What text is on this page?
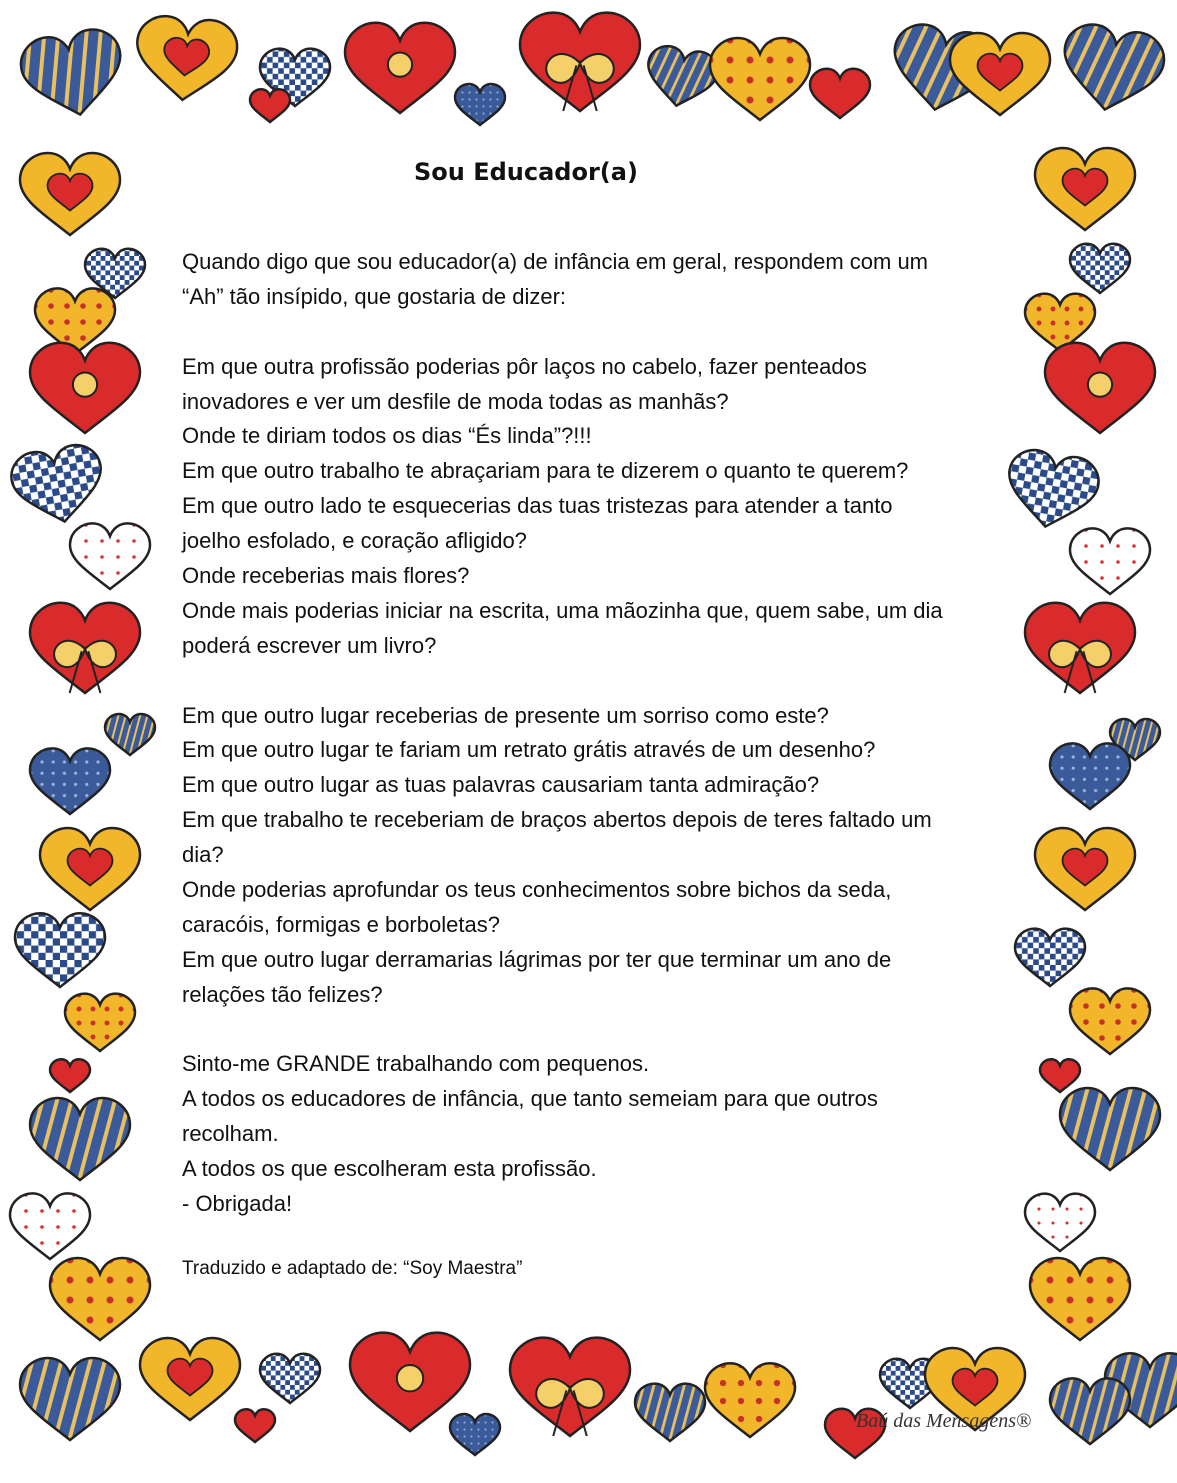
Sou Educador(a)
Quando digo que sou educador(a) de infância em geral, respondem com um
“Ah” tão insípido, que gostaria de dizer:
Em que outra profissão poderias pôr laços no cabelo, fazer penteados
inovadores e ver um desfile de moda todas as manhãs?
Onde te diriam todos os dias “És linda”?!!!
Em que outro trabalho te abraçariam para te dizerem o quanto te querem?
Em que outro lado te esquecerias das tuas tristezas para atender a tanto
joelho esfolado, e coração afligido?
Onde receberias mais flores?
Onde mais poderias iniciar na escrita, uma mãozinha que, quem sabe, um dia
poderá escrever um livro?
Em que outro lugar receberias de presente um sorriso como este?
Em que outro lugar te fariam um retrato grátis através de um desenho?
Em que outro lugar as tuas palavras causariam tanta admiração?
Em que trabalho te receberiam de braços abertos depois de teres faltado um
dia?
Onde poderias aprofundar os teus conhecimentos sobre bichos da seda,
caracóis, formigas e borboletas?
Em que outro lugar derramarias lágrimas por ter que terminar um ano de
relações tão felizes?
Sinto-me GRANDE trabalhando com pequenos.
A todos os educadores de infância, que tanto semeiam para que outros
recolham.
A todos os que escolheram esta profissão.
- Obrigada!
Traduzido e adaptado de: “Soy Maestra”
Baú das Mensagens®
